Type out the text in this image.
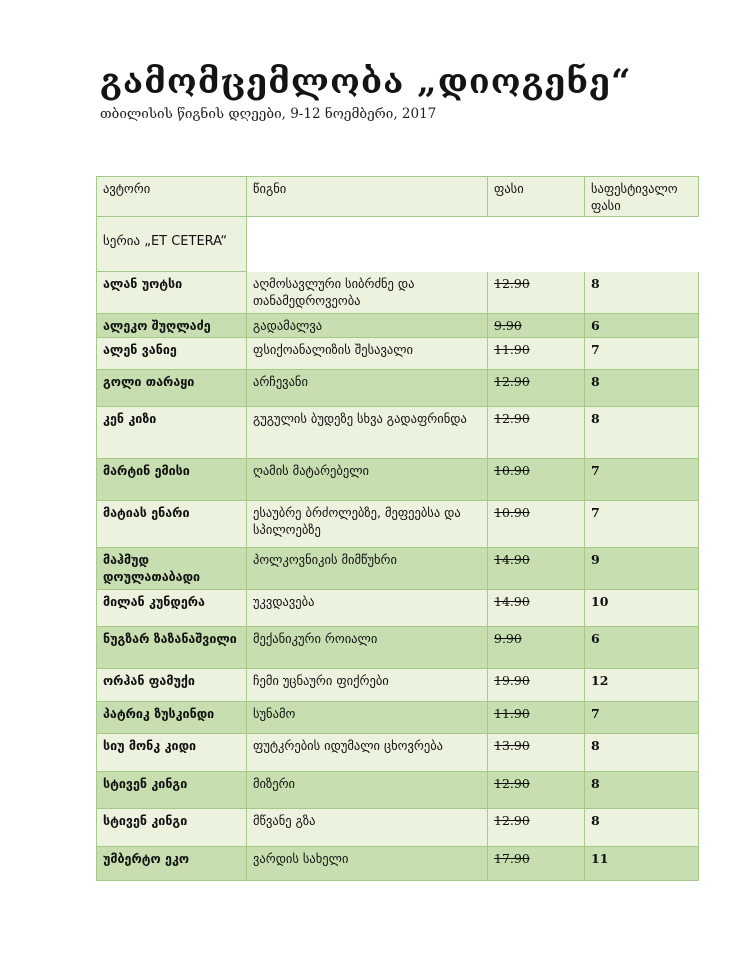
გამომცემლობა „დიოგენე“
თბილისის წიგნის დღეები, 9-12 ნოემბერი, 2017
ავტორი	წიგნი	ფასი	საფესტივალო ფასი
სერია „ET CETERA“			
ალან უოტსი	აღმოსავლური სიბრძნე და თანამედროვეობა	12.90	8
ალეკო შუღლაძე	გადამალვა	9.90	6
ალენ ვანიე	ფსიქოანალიზის შესავალი	11.90	7
გოლი თარაყი	არჩევანი	12.90	8
კენ კიზი	გუგულის ბუდეზე სხვა გადაფრინდა	12.90	8
მარტინ ემისი	ღამის მატარებელი	10.90	7
მატიას ენარი	ესაუბრე ბრძოლებზე, მეფეებსა და სპილოებზე	10.90	7
მაჰმუდ დოულათაბადი	პოლკოვნიკის მიმწუხრი	14.90	9
მილან კუნდერა	უკვდავება	14.90	10
ნუგზარ ზაზანაშვილი	მექანიკური როიალი	9.90	6
ორჰან ფამუქი	ჩემი უცნაური ფიქრები	19.90	12
პატრიკ ზუსკინდი	სუნამო	11.90	7
სიუ მონკ კიდი	ფუტკრების იდუმალი ცხოვრება	13.90	8
სტივენ კინგი	მიზერი	12.90	8
სტივენ კინგი	მწვანე გზა	12.90	8
უმბერტო ეკო	ვარდის სახელი	17.90	11
